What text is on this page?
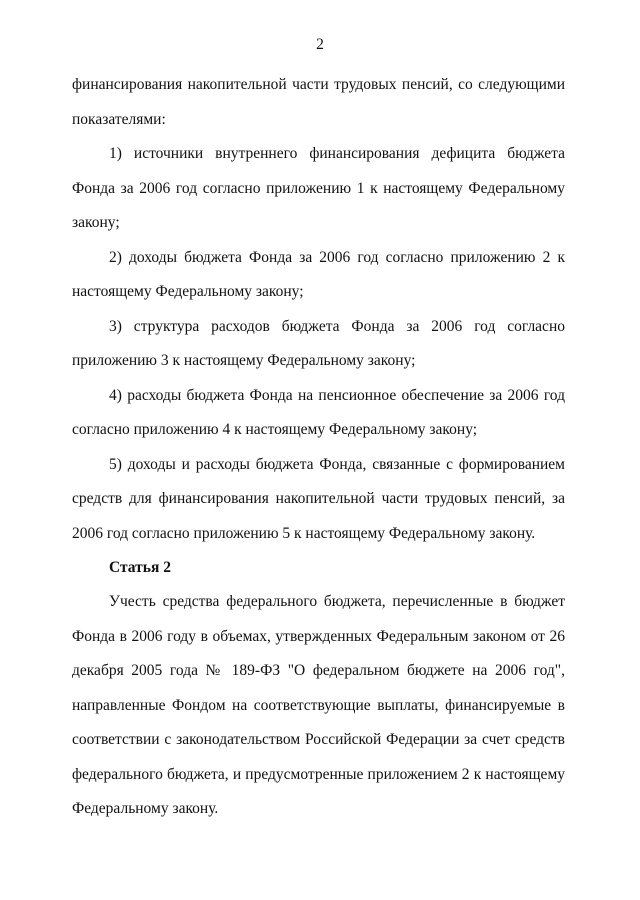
2

финансирования накопительной части трудовых пенсий, со следующими показателями:

1) источники внутреннего финансирования дефицита бюджета Фонда за 2006 год согласно приложению 1 к настоящему Федеральному закону;

2) доходы бюджета Фонда за 2006 год согласно приложению 2 к настоящему Федеральному закону;

3) структура расходов бюджета Фонда за 2006 год согласно приложению 3 к настоящему Федеральному закону;

4) расходы бюджета Фонда на пенсионное обеспечение за 2006 год согласно приложению 4 к настоящему Федеральному закону;

5) доходы и расходы бюджета Фонда, связанные с формированием средств для финансирования накопительной части трудовых пенсий, за 2006 год согласно приложению 5 к настоящему Федеральному закону.

Статья 2

Учесть средства федерального бюджета, перечисленные в бюджет Фонда в 2006 году в объемах, утвержденных Федеральным законом от 26 декабря 2005 года № 189-ФЗ "О федеральном бюджете на 2006 год", направленные Фондом на соответствующие выплаты, финансируемые в соответствии с законодательством Российской Федерации за счет средств федерального бюджета, и предусмотренные приложением 2 к настоящему Федеральному закону.
